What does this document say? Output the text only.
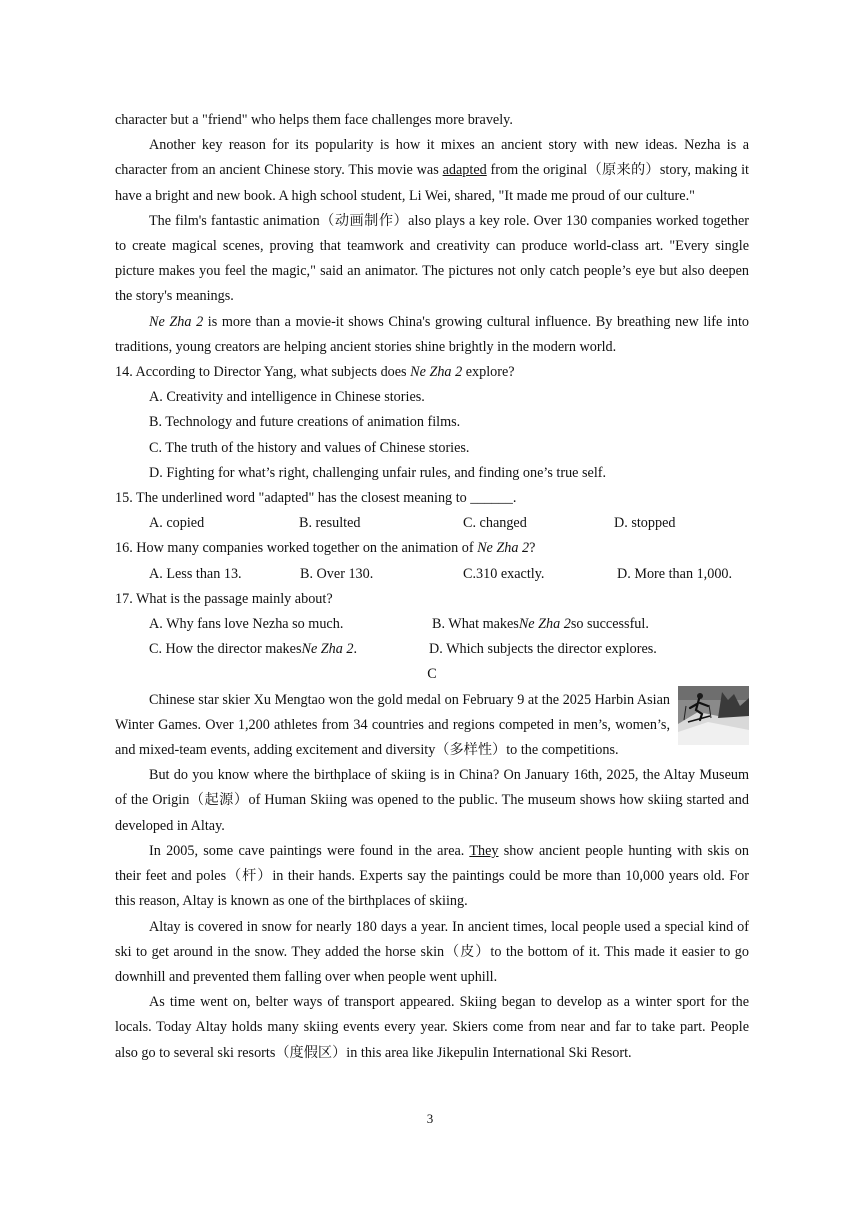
character but a "friend" who helps them face challenges more bravely.

Another key reason for its popularity is how it mixes an ancient story with new ideas. Nezha is a character from an ancient Chinese story. This movie was adapted from the original（原来的）story, making it have a bright and new book. A high school student, Li Wei, shared, "It made me proud of our culture."

The film's fantastic animation（动画制作）also plays a key role. Over 130 companies worked together to create magical scenes, proving that teamwork and creativity can produce world-class art. "Every single picture makes you feel the magic," said an animator. The pictures not only catch people’s eye but also deepen the story's meanings.

Ne Zha 2 is more than a movie-it shows China's growing cultural influence. By breathing new life into traditions, young creators are helping ancient stories shine brightly in the modern world.

14. According to Director Yang, what subjects does Ne Zha 2 explore?

A. Creativity and intelligence in Chinese stories.

B. Technology and future creations of animation films.

C. The truth of the history and values of Chinese stories.

D. Fighting for what’s right, challenging unfair rules, and finding one’s true self.

15. The underlined word "adapted" has the closest meaning to ______.

A. copied	B. resulted	C. changed	D. stopped

16. How many companies worked together on the animation of Ne Zha 2?

A. Less than 13.	B. Over 130.	C.310 exactly.	D. More than 1,000.

17. What is the passage mainly about?

A. Why fans love Nezha so much.	B. What makesNe Zha 2so successful.
C. How the director makesNe Zha 2.	D. Which subjects the director explores.

C

Chinese star skier Xu Mengtao won the gold medal on February 9 at the 2025 Harbin Asian Winter Games. Over 1,200 athletes from 34 countries and regions competed in men’s, women’s, and mixed-team events, adding excitement and diversity（多样性）to the competitions.

But do you know where the birthplace of skiing is in China? On January 16th, 2025, the Altay Museum of the Origin（起源）of Human Skiing was opened to the public. The museum shows how skiing started and developed in Altay.

In 2005, some cave paintings were found in the area. They show ancient people hunting with skis on their feet and poles（杆）in their hands. Experts say the paintings could be more than 10,000 years old. For this reason, Altay is known as one of the birthplaces of skiing.

Altay is covered in snow for nearly 180 days a year. In ancient times, local people used a special kind of ski to get around in the snow. They added the horse skin（皮）to the bottom of it. This made it easier to go downhill and prevented them falling over when people went uphill.

As time went on, belter ways of transport appeared. Skiing began to develop as a winter sport for the locals. Today Altay holds many skiing events every year. Skiers come from near and far to take part. People also go to several ski resorts（度假区）in this area like Jikepulin International Ski Resort.

3
